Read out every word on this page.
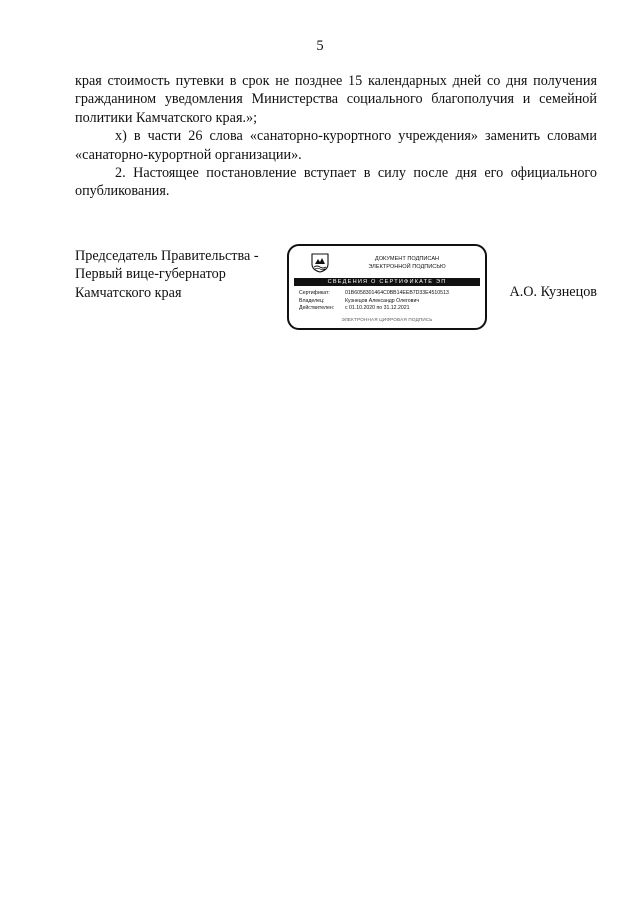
5

края стоимость путевки в срок не позднее 15 календарных дней со дня получения гражданином уведомления Министерства социального благополучия и семейной политики Камчатского края.»;

х) в части 26 слова «санаторно-курортного учреждения» заменить словами «санаторно-курортной организации».

2. Настоящее постановление вступает в силу после дня его официального опубликования.

Председатель Правительства -
Первый вице-губернатор
Камчатского края
ДОКУМЕНТ ПОДПИСАН
ЭЛЕКТРОННОЙ ПОДПИСЬЮ
СВЕДЕНИЯ О СЕРТИФИКАТЕ ЭП
Сертификат:	01B6058301464C0BB14EEB7D33E4510513
Владелец:	Кузнецов Александр Олегович
Действителен:	с 01.10.2020 по 31.12.2021
ЭЛЕКТРОННАЯ ЦИФРОВАЯ ПОДПИСЬ
А.О. Кузнецов
